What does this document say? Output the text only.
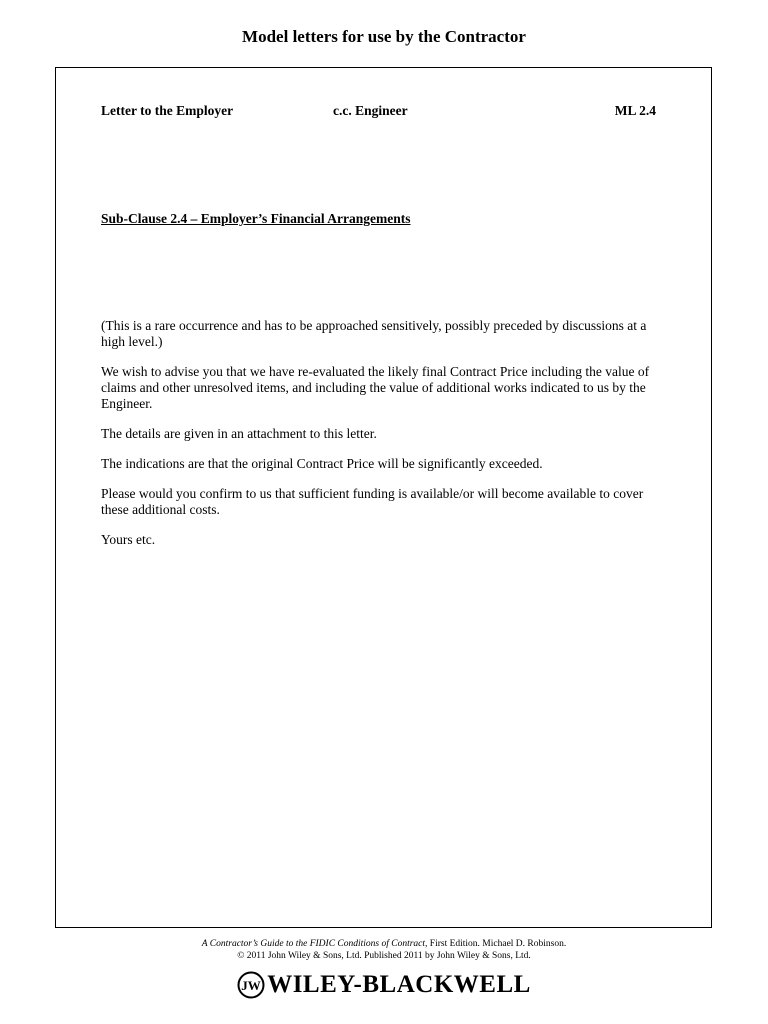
Model letters for use by the Contractor
Letter to the Employer	c.c. Engineer	ML 2.4
Sub-Clause 2.4 – Employer’s Financial Arrangements

(This is a rare occurrence and has to be approached sensitively, possibly preceded by discussions at a high level.)

We wish to advise you that we have re-evaluated the likely final Contract Price including the value of claims and other unresolved items, and including the value of additional works indicated to us by the Engineer.

The details are given in an attachment to this letter.

The indications are that the original Contract Price will be significantly exceeded.

Please would you confirm to us that sufficient funding is available/or will become available to cover these additional costs.

Yours etc.

A Contractor’s Guide to the FIDIC Conditions of Contract, First Edition. Michael D. Robinson.
© 2011 John Wiley & Sons, Ltd. Published 2011 by John Wiley & Sons, Ltd.
JW WILEY-BLACKWELL
